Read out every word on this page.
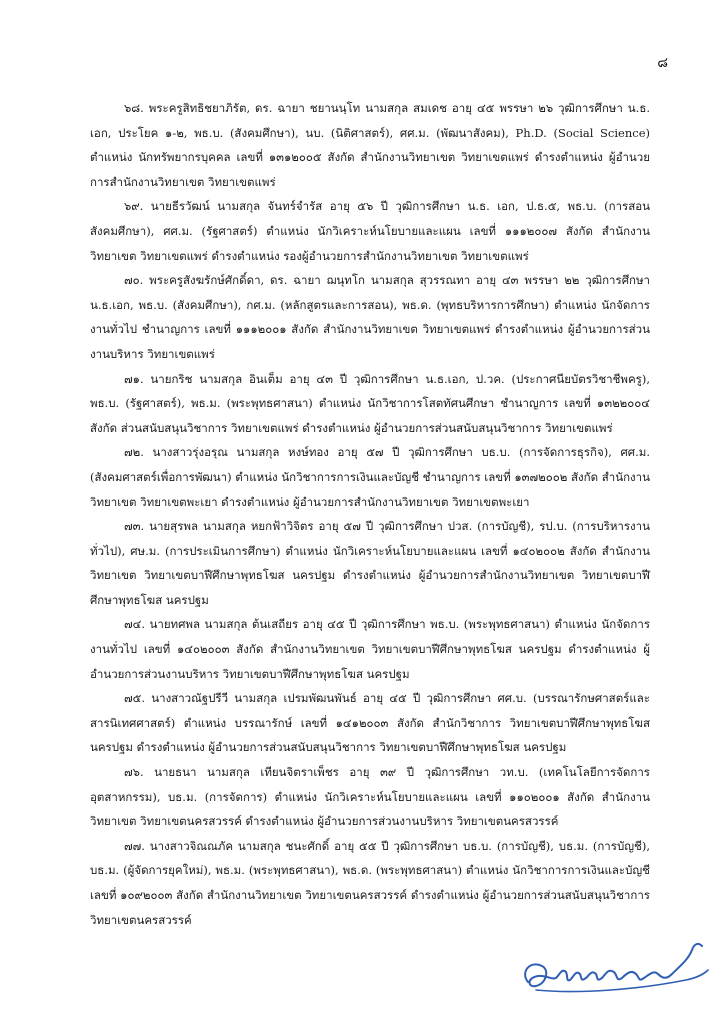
๘

๖๘. พระครูสิทธิชยาภิรัต, ดร. ฉายา ชยานนฺโท นามสกุล สมเดช อายุ ๔๕ พรรษา ๒๖ วุฒิการศึกษา น.ธ. เอก, ประโยค ๑-๒, พธ.บ. (สังคมศึกษา), นบ. (นิติศาสตร์), ศศ.ม. (พัฒนาสังคม), Ph.D. (Social Science) ตำแหน่ง นักทรัพยากรบุคคล เลขที่ ๑๓๑๒๐๐๕ สังกัด สำนักงานวิทยาเขต วิทยาเขตแพร่ ดำรงตำแหน่ง ผู้อำนวยการสำนักงานวิทยาเขต วิทยาเขตแพร่

๖๙. นายธีรวัฒน์ นามสกุล จันทร์จำรัส อายุ ๕๖ ปี วุฒิการศึกษา น.ธ. เอก, ป.ธ.๕, พธ.บ. (การสอนสังคมศึกษา), ศศ.ม. (รัฐศาสตร์) ตำแหน่ง นักวิเคราะห์นโยบายและแผน เลขที่ ๑๑๑๒๐๐๗ สังกัด สำนักงานวิทยาเขต วิทยาเขตแพร่ ดำรงตำแหน่ง รองผู้อำนวยการสำนักงานวิทยาเขต วิทยาเขตแพร่

๗๐. พระครูสังฆรักษ์ศักดิ์ดา, ดร. ฉายา ฌนุทโก นามสกุล สุวรรณทา อายุ ๔๓ พรรษา ๒๒ วุฒิการศึกษา น.ธ.เอก, พธ.บ. (สังคมศึกษา), กศ.ม. (หลักสูตรและการสอน), พธ.ด. (พุทธบริหารการศึกษา) ตำแหน่ง นักจัดการงานทั่วไป ชำนาญการ เลขที่ ๑๑๑๒๐๐๑ สังกัด สำนักงานวิทยาเขต วิทยาเขตแพร่ ดำรงตำแหน่ง ผู้อำนวยการส่วนงานบริหาร วิทยาเขตแพร่

๗๑. นายกริช นามสกุล อินเต็ม อายุ ๔๓ ปี วุฒิการศึกษา น.ธ.เอก, ป.วค. (ประกาศนียบัตรวิชาชีพครู), พธ.บ. (รัฐศาสตร์), พธ.ม. (พระพุทธศาสนา) ตำแหน่ง นักวิชาการโสตทัศนศึกษา ชำนาญการ เลขที่ ๑๓๒๒๐๐๔ สังกัด ส่วนสนับสนุนวิชาการ วิทยาเขตแพร่ ดำรงตำแหน่ง ผู้อำนวยการส่วนสนับสนุนวิชาการ วิทยาเขตแพร่

๗๒. นางสาวรุ่งอรุณ นามสกุล หงษ์ทอง อายุ ๕๗ ปี วุฒิการศึกษา บธ.บ. (การจัดการธุรกิจ), ศศ.ม. (สังคมศาสตร์เพื่อการพัฒนา) ตำแหน่ง นักวิชาการการเงินและบัญชี ชำนาญการ เลขที่ ๑๓๗๒๐๐๒ สังกัด สำนักงานวิทยาเขต วิทยาเขตพะเยา ดำรงตำแหน่ง ผู้อำนวยการสำนักงานวิทยาเขต วิทยาเขตพะเยา

๗๓. นายสุรพล นามสกุล หยกฟ้าวิจิตร อายุ ๕๗ ปี วุฒิการศึกษา ปวส. (การบัญชี), รป.บ. (การบริหารงานทั่วไป), ศษ.ม. (การประเมินการศึกษา) ตำแหน่ง นักวิเคราะห์นโยบายและแผน เลขที่ ๑๔๐๒๐๐๒ สังกัด สำนักงานวิทยาเขต วิทยาเขตบาฬีศึกษาพุทธโฆส นครปฐม ดำรงตำแหน่ง ผู้อำนวยการสำนักงานวิทยาเขต วิทยาเขตบาฬีศึกษาพุทธโฆส นครปฐม

๗๔. นายทศพล นามสกุล ต้นเสถียร อายุ ๔๕ ปี วุฒิการศึกษา พธ.บ. (พระพุทธศาสนา) ตำแหน่ง นักจัดการงานทั่วไป เลขที่ ๑๔๐๒๐๐๓ สังกัด สำนักงานวิทยาเขต วิทยาเขตบาฬีศึกษาพุทธโฆส นครปฐม ดำรงตำแหน่ง ผู้อำนวยการส่วนงานบริหาร วิทยาเขตบาฬีศึกษาพุทธโฆส นครปฐม

๗๕. นางสาวณัฐปรีวี นามสกุล เปรมพัฒนพันธ์ อายุ ๔๕ ปี วุฒิการศึกษา ศศ.บ. (บรรณารักษศาสตร์และสารนิเทศศาสตร์) ตำแหน่ง บรรณารักษ์ เลขที่ ๑๔๑๒๐๐๓ สังกัด สำนักวิชาการ วิทยาเขตบาฬีศึกษาพุทธโฆส นครปฐม ดำรงตำแหน่ง ผู้อำนวยการส่วนสนับสนุนวิชาการ วิทยาเขตบาฬีศึกษาพุทธโฆส นครปฐม

๗๖. นายธนา นามสกุล เทียนจิตราเพ็ชร อายุ ๓๙ ปี วุฒิการศึกษา วท.บ. (เทคโนโลยีการจัดการอุตสาหกรรม), บธ.ม. (การจัดการ) ตำแหน่ง นักวิเคราะห์นโยบายและแผน เลขที่ ๑๑๐๒๐๐๑ สังกัด สำนักงานวิทยาเขต วิทยาเขตนครสวรรค์ ดำรงตำแหน่ง ผู้อำนวยการส่วนงานบริหาร วิทยาเขตนครสวรรค์

๗๗. นางสาวจิณณภัค นามสกุล ชนะศักดิ์ อายุ ๕๕ ปี วุฒิการศึกษา บธ.บ. (การบัญชี), บธ.ม. (การบัญชี), บธ.ม. (ผู้จัดการยุคใหม่), พธ.ม. (พระพุทธศาสนา), พธ.ด. (พระพุทธศาสนา) ตำแหน่ง นักวิชาการการเงินและบัญชี เลขที่ ๑๐๙๒๐๐๓ สังกัด สำนักงานวิทยาเขต วิทยาเขตนครสวรรค์ ดำรงตำแหน่ง ผู้อำนวยการส่วนสนับสนุนวิชาการ วิทยาเขตนครสวรรค์
